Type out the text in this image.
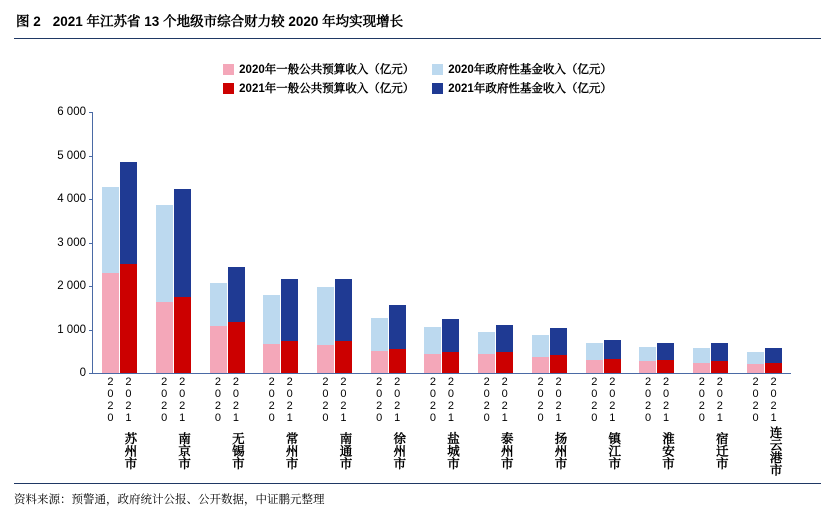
图 2 2021 年江苏省 13 个地级市综合财力较 2020 年均实现增长
2020年一般公共预算收入（亿元）	2020年政府性基金收入（亿元）
2021年一般公共预算收入（亿元）	2021年政府性基金收入（亿元）
0
1 000
2 000
3 000
4 000
5 000
6 000
2020 2021 2020 2021 2020 2021 2020 2021 2020 2021 2020 2021 2020 2021 2020 2021 2020 2021 2020 2021 2020 2021 2020 2021 2020 2021
苏州市	南京市	无锡市	常州市	南通市	徐州市	盐城市	泰州市	扬州市	镇江市	淮安市	宿迁市	连云港市
资料来源：预警通，政府统计公报、公开数据，中证鹏元整理
